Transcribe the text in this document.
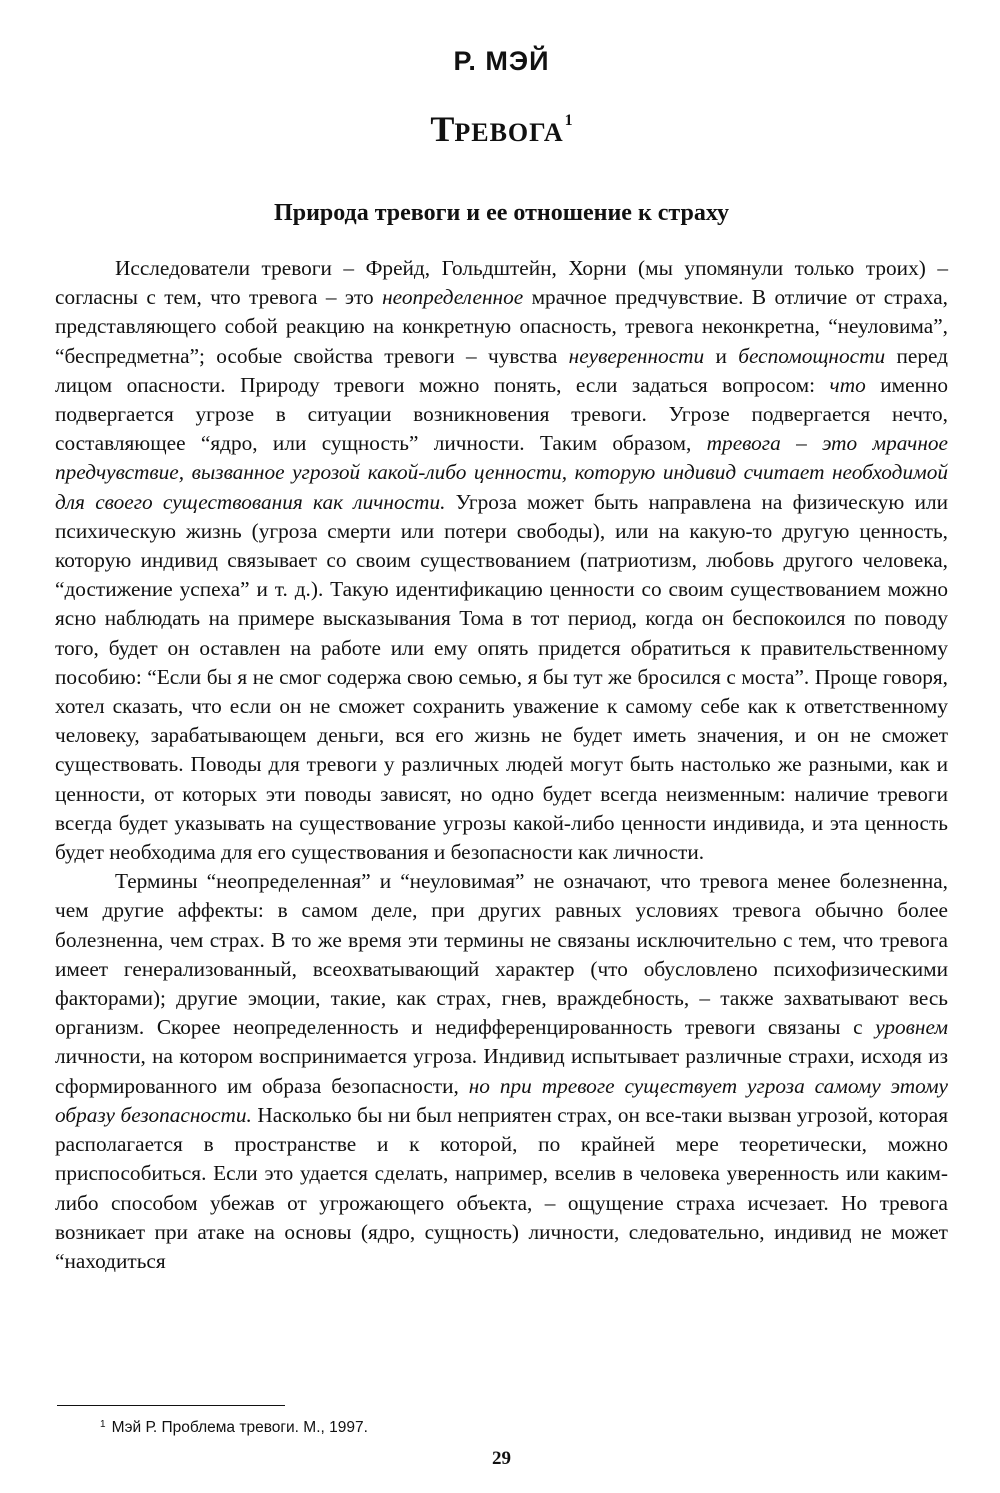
Р. МЭЙ
ТРЕВОГА$^1$
Природа тревоги и ее отношение к страху

Исследователи тревоги – Фрейд, Гольдштейн, Хорни (мы упомянули только троих) – согласны с тем, что тревога – это неопределенное мрачное предчувствие. В отличие от страха, представляющего собой реакцию на конкретную опасность, тревога неконкретна, “неуловима”, “беспредметна”; особые свойства тревоги – чувства неуверенности и беспомощности перед лицом опасности. Природу тревоги можно понять, если задаться вопросом: что именно подвергается угрозе в ситуации возникновения тревоги. Угрозе подвергается нечто, составляющее “ядро, или сущность” личности. Таким образом, тревога – это мрачное предчувствие, вызванное угрозой какой-либо ценности, которую индивид считает необходимой для своего существования как личности. Угроза может быть направлена на физическую или психическую жизнь (угроза смерти или потери свободы), или на какую-то другую ценность, которую индивид связывает со своим существованием (патриотизм, любовь другого человека, “достижение успеха” и т. д.). Такую идентификацию ценности со своим существованием можно ясно наблюдать на примере высказывания Тома в тот период, когда он беспокоился по поводу того, будет он оставлен на работе или ему опять придется обратиться к правительственному пособию: “Если бы я не смог содержа свою семью, я бы тут же бросился с моста”. Проще говоря, хотел сказать, что если он не сможет сохранить уважение к самому себе как к ответственному человеку, зарабатывающем деньги, вся его жизнь не будет иметь значения, и он не сможет существовать. Поводы для тревоги у различных людей могут быть настолько же разными, как и ценности, от которых эти поводы зависят, но одно будет всегда неизменным: наличие тревоги всегда будет указывать на существование угрозы какой-либо ценности индивида, и эта ценность будет необходима для его существования и безопасности как личности.

Термины “неопределенная” и “неуловимая” не означают, что тревога менее болезненна, чем другие аффекты: в самом деле, при других равных условиях тревога обычно более болезненна, чем страх. В то же время эти термины не связаны исключительно с тем, что тревога имеет генерализованный, всеохватывающий характер (что обусловлено психофизическими факторами); другие эмоции, такие, как страх, гнев, враждебность, – также захватывают весь организм. Скорее неопределенность и недифференцированность тревоги связаны с уровнем личности, на котором воспринимается угроза. Индивид испытывает различные страхи, исходя из сформированного им образа безопасности, но при тревоге существует угроза самому этому образу безопасности. Насколько бы ни был неприятен страх, он все-таки вызван угрозой, которая располагается в пространстве и к которой, по крайней мере теоретически, можно приспособиться. Если это удается сделать, например, вселив в человека уверенность или каким-либо способом убежав от угрожающего объекта, – ощущение страха исчезает. Но тревога возникает при атаке на основы (ядро, сущность) личности, следовательно, индивид не может “находиться

$^1$ Мэй Р. Проблема тревоги. М., 1997.
29
